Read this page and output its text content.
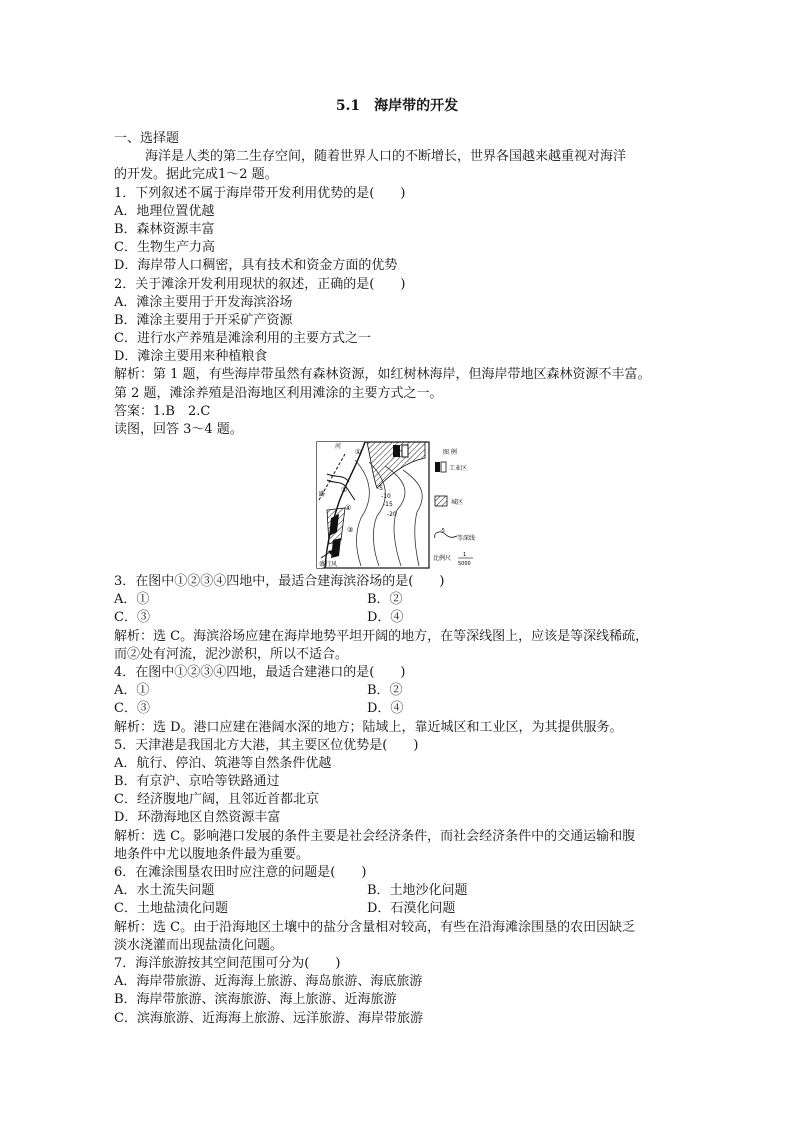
5.1　海岸带的开发
一、选择题
海洋是人类的第二生存空间，随着世界人口的不断增长，世界各国越来越重视对海洋
的开发。据此完成1～2 题。
1．下列叙述不属于海岸带开发利用优势的是(　　)
A．地理位置优越
B．森林资源丰富
C．生物生产力高
D．海岸带人口稠密，具有技术和资金方面的优势
2．关于滩涂开发利用现状的叙述，正确的是(　　)
A．滩涂主要用于开发海滨浴场
B．滩涂主要用于开采矿产资源
C．进行水产养殖是滩涂利用的主要方式之一
D．滩涂主要用来种植粮食
解析：第 1 题，有些海岸带虽然有森林资源，如红树林海岸，但海岸带地区森林资源不丰富。
第 2 题，滩涂养殖是沿海地区利用滩涂的主要方式之一。
答案：1.B　2.C
读图，回答 3～4 题。
-5
-10
-15
-20
①
②
③
④
路
河
盛行风
图 例
工业区
城区
-5
等深线
比例尺 1
5000
3．在图中①②③④四地中，最适合建海滨浴场的是(　　)
A．①	B．②
C．③	D．④
解析：选 C。海滨浴场应建在海岸地势平坦开阔的地方，在等深线图上，应该是等深线稀疏，
而②处有河流，泥沙淤积，所以不适合。
4．在图中①②③④四地，最适合建港口的是(　　)
A．①	B．②
C．③	D．④
解析：选 D。港口应建在港阔水深的地方；陆域上，靠近城区和工业区，为其提供服务。
5．天津港是我国北方大港，其主要区位优势是(　　)
A．航行、停泊、筑港等自然条件优越
B．有京沪、京哈等铁路通过
C．经济腹地广阔，且邻近首都北京
D．环渤海地区自然资源丰富
解析：选 C。影响港口发展的条件主要是社会经济条件，而社会经济条件中的交通运输和腹
地条件中尤以腹地条件最为重要。
6．在滩涂围垦农田时应注意的问题是(　　)
A．水土流失问题	B．土地沙化问题
C．土地盐渍化问题	D．石漠化问题
解析：选 C。由于沿海地区土壤中的盐分含量相对较高，有些在沿海滩涂围垦的农田因缺乏
淡水浇灌而出现盐渍化问题。
7．海洋旅游按其空间范围可分为(　　)
A．海岸带旅游、近海海上旅游、海岛旅游、海底旅游
B．海岸带旅游、滨海旅游、海上旅游、近海旅游
C．滨海旅游、近海海上旅游、远洋旅游、海岸带旅游
